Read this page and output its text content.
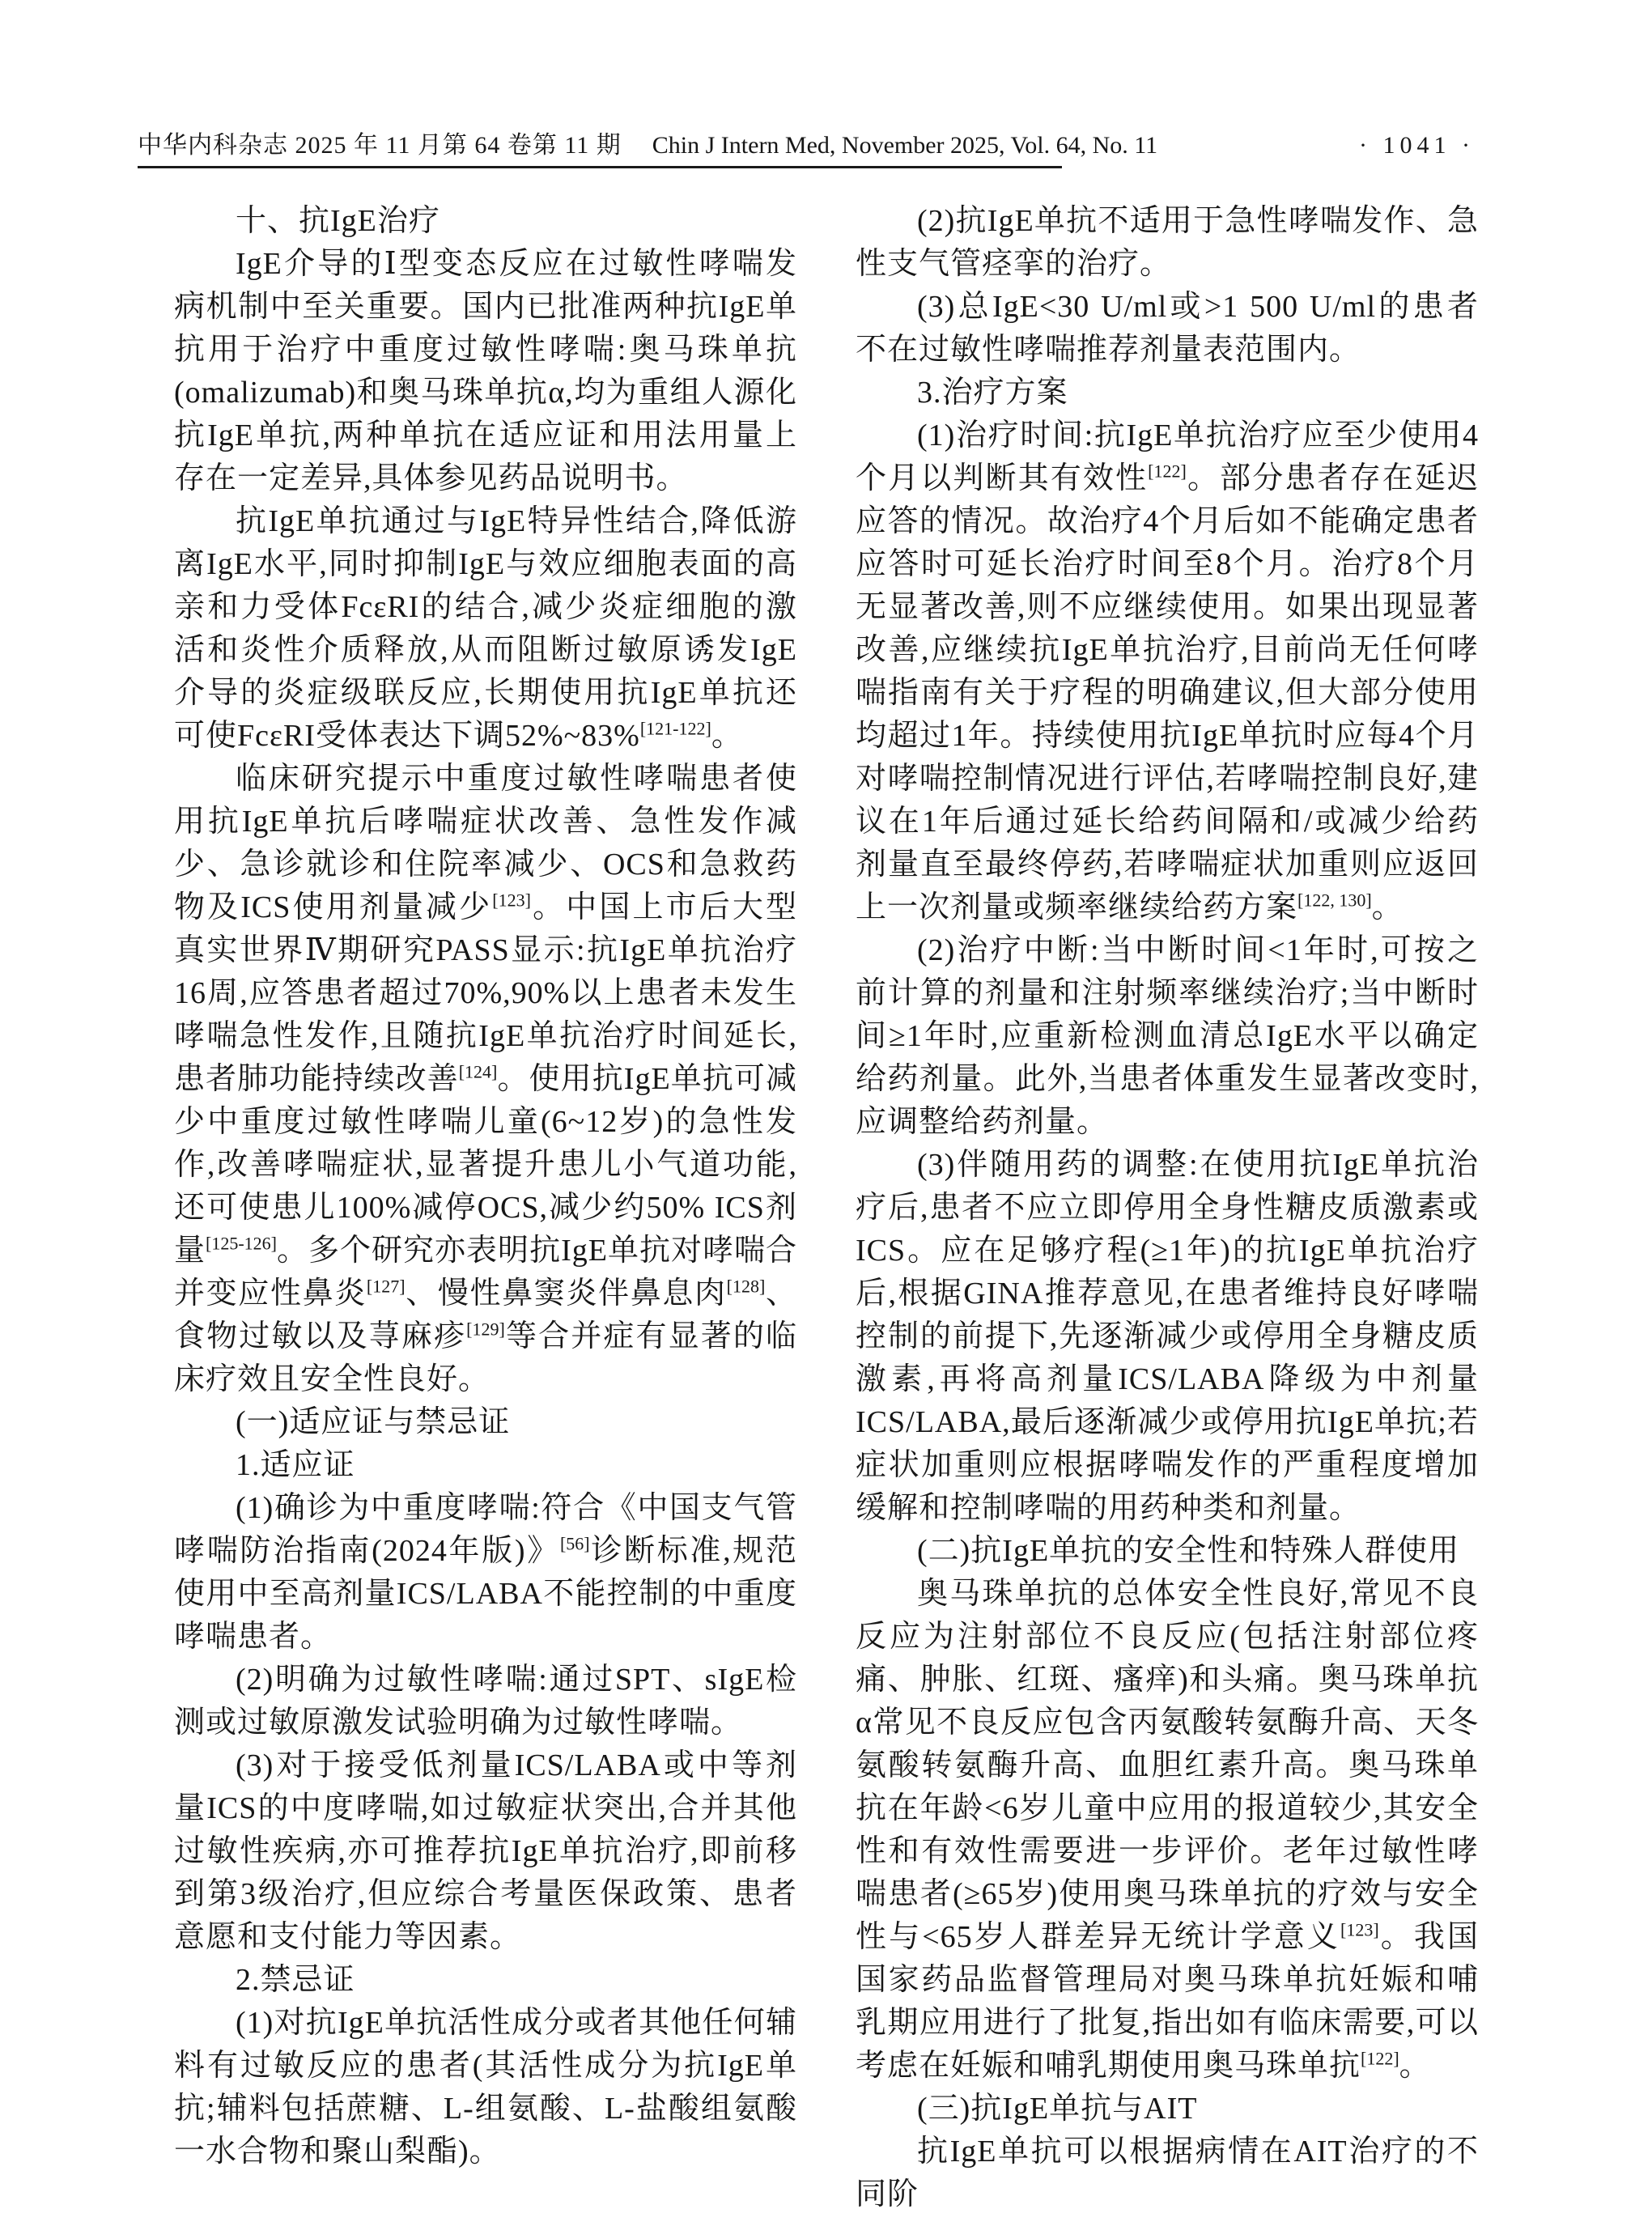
中华内科杂志 2025 年 11 月第 64 卷第 11 期 Chin J Intern Med, November 2025, Vol. 64, No. 11	· 1041 ·

十、抗IgE治疗

IgE介导的Ⅰ型变态反应在过敏性哮喘发病机制中至关重要。国内已批准两种抗IgE单抗用于治疗中重度过敏性哮喘:奥马珠单抗(omalizumab)和奥马珠单抗α,均为重组人源化抗IgE单抗,两种单抗在适应证和用法用量上存在一定差异,具体参见药品说明书。

抗IgE单抗通过与IgE特异性结合,降低游离IgE水平,同时抑制IgE与效应细胞表面的高亲和力受体FcεRI的结合,减少炎症细胞的激活和炎性介质释放,从而阻断过敏原诱发IgE介导的炎症级联反应,长期使用抗IgE单抗还可使FcεRI受体表达下调52%~83%[121-122]。

临床研究提示中重度过敏性哮喘患者使用抗IgE单抗后哮喘症状改善、急性发作减少、急诊就诊和住院率减少、OCS和急救药物及ICS使用剂量减少[123]。中国上市后大型真实世界Ⅳ期研究PASS显示:抗IgE单抗治疗16周,应答患者超过70%,90%以上患者未发生哮喘急性发作,且随抗IgE单抗治疗时间延长,患者肺功能持续改善[124]。使用抗IgE单抗可减少中重度过敏性哮喘儿童(6~12岁)的急性发作,改善哮喘症状,显著提升患儿小气道功能,还可使患儿100%减停OCS,减少约50% ICS剂量[125-126]。多个研究亦表明抗IgE单抗对哮喘合并变应性鼻炎[127]、慢性鼻窦炎伴鼻息肉[128]、食物过敏以及荨麻疹[129]等合并症有显著的临床疗效且安全性良好。

(一)适应证与禁忌证

1.适应证

(1)确诊为中重度哮喘:符合《中国支气管哮喘防治指南(2024年版)》[56]诊断标准,规范使用中至高剂量ICS/LABA不能控制的中重度哮喘患者。

(2)明确为过敏性哮喘:通过SPT、sIgE检测或过敏原激发试验明确为过敏性哮喘。

(3)对于接受低剂量ICS/LABA或中等剂量ICS的中度哮喘,如过敏症状突出,合并其他过敏性疾病,亦可推荐抗IgE单抗治疗,即前移到第3级治疗,但应综合考量医保政策、患者意愿和支付能力等因素。

2.禁忌证

(1)对抗IgE单抗活性成分或者其他任何辅料有过敏反应的患者(其活性成分为抗IgE单抗;辅料包括蔗糖、L-组氨酸、L-盐酸组氨酸一水合物和聚山梨酯)。

(2)抗IgE单抗不适用于急性哮喘发作、急性支气管痉挛的治疗。

(3)总IgE<30 U/ml或>1 500 U/ml的患者不在过敏性哮喘推荐剂量表范围内。

3.治疗方案

(1)治疗时间:抗IgE单抗治疗应至少使用4个月以判断其有效性[122]。部分患者存在延迟应答的情况。故治疗4个月后如不能确定患者应答时可延长治疗时间至8个月。治疗8个月无显著改善,则不应继续使用。如果出现显著改善,应继续抗IgE单抗治疗,目前尚无任何哮喘指南有关于疗程的明确建议,但大部分使用均超过1年。持续使用抗IgE单抗时应每4个月对哮喘控制情况进行评估,若哮喘控制良好,建议在1年后通过延长给药间隔和/或减少给药剂量直至最终停药,若哮喘症状加重则应返回上一次剂量或频率继续给药方案[122, 130]。

(2)治疗中断:当中断时间<1年时,可按之前计算的剂量和注射频率继续治疗;当中断时间≥1年时,应重新检测血清总IgE水平以确定给药剂量。此外,当患者体重发生显著改变时,应调整给药剂量。

(3)伴随用药的调整:在使用抗IgE单抗治疗后,患者不应立即停用全身性糖皮质激素或ICS。应在足够疗程(≥1年)的抗IgE单抗治疗后,根据GINA推荐意见,在患者维持良好哮喘控制的前提下,先逐渐减少或停用全身糖皮质激素,再将高剂量ICS/LABA降级为中剂量ICS/LABA,最后逐渐减少或停用抗IgE单抗;若症状加重则应根据哮喘发作的严重程度增加缓解和控制哮喘的用药种类和剂量。

(二)抗IgE单抗的安全性和特殊人群使用

奥马珠单抗的总体安全性良好,常见不良反应为注射部位不良反应(包括注射部位疼痛、肿胀、红斑、瘙痒)和头痛。奥马珠单抗α常见不良反应包含丙氨酸转氨酶升高、天冬氨酸转氨酶升高、血胆红素升高。奥马珠单抗在年龄<6岁儿童中应用的报道较少,其安全性和有效性需要进一步评价。老年过敏性哮喘患者(≥65岁)使用奥马珠单抗的疗效与安全性与<65岁人群差异无统计学意义[123]。我国国家药品监督管理局对奥马珠单抗妊娠和哺乳期应用进行了批复,指出如有临床需要,可以考虑在妊娠和哺乳期使用奥马珠单抗[122]。

(三)抗IgE单抗与AIT

抗IgE单抗可以根据病情在AIT治疗的不同阶
